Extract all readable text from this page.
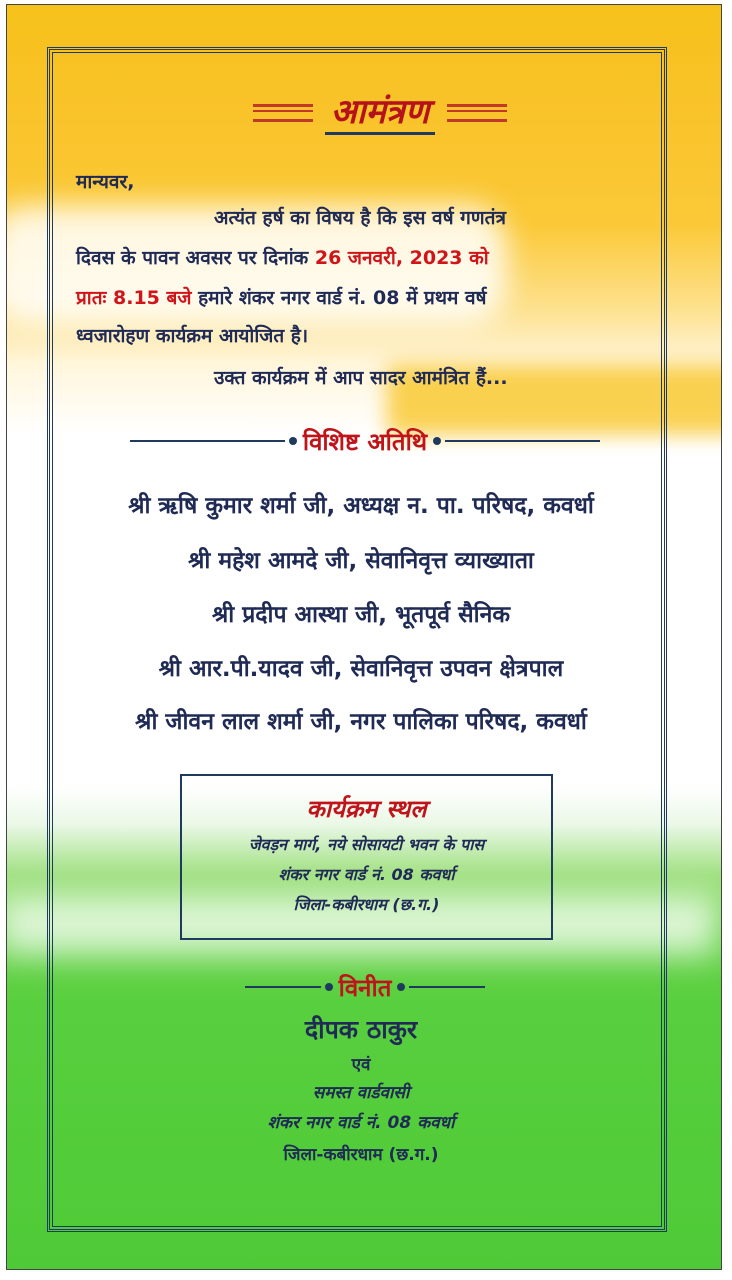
आमंत्रण
मान्यवर,
अत्यंत हर्ष का विषय है कि इस वर्ष गणतंत्र
दिवस के पावन अवसर पर दिनांक 26 जनवरी, 2023 को
प्रातः 8.15 बजे हमारे शंकर नगर वार्ड नं. 08 में प्रथम वर्ष
ध्वजारोहण कार्यक्रम आयोजित है।
उक्त कार्यक्रम में आप सादर आमंत्रित हैं...
विशिष्ट अतिथि
श्री ऋषि कुमार शर्मा जी, अध्यक्ष न. पा. परिषद, कवर्धा
श्री महेश आमदे जी, सेवानिवृत्त व्याख्याता
श्री प्रदीप आस्था जी, भूतपूर्व सैनिक
श्री आर.पी.यादव जी, सेवानिवृत्त उपवन क्षेत्रपाल
श्री जीवन लाल शर्मा जी, नगर पालिका परिषद, कवर्धा
कार्यक्रम स्थल
जेवड़न मार्ग, नये सोसायटी भवन के पास
शंकर नगर वार्ड नं. 08 कवर्धा
जिला-कबीरधाम (छ.ग.)
विनीत
दीपक ठाकुर
एवं
समस्त वार्डवासी
शंकर नगर वार्ड नं. 08 कवर्धा
जिला-कबीरधाम (छ.ग.)
